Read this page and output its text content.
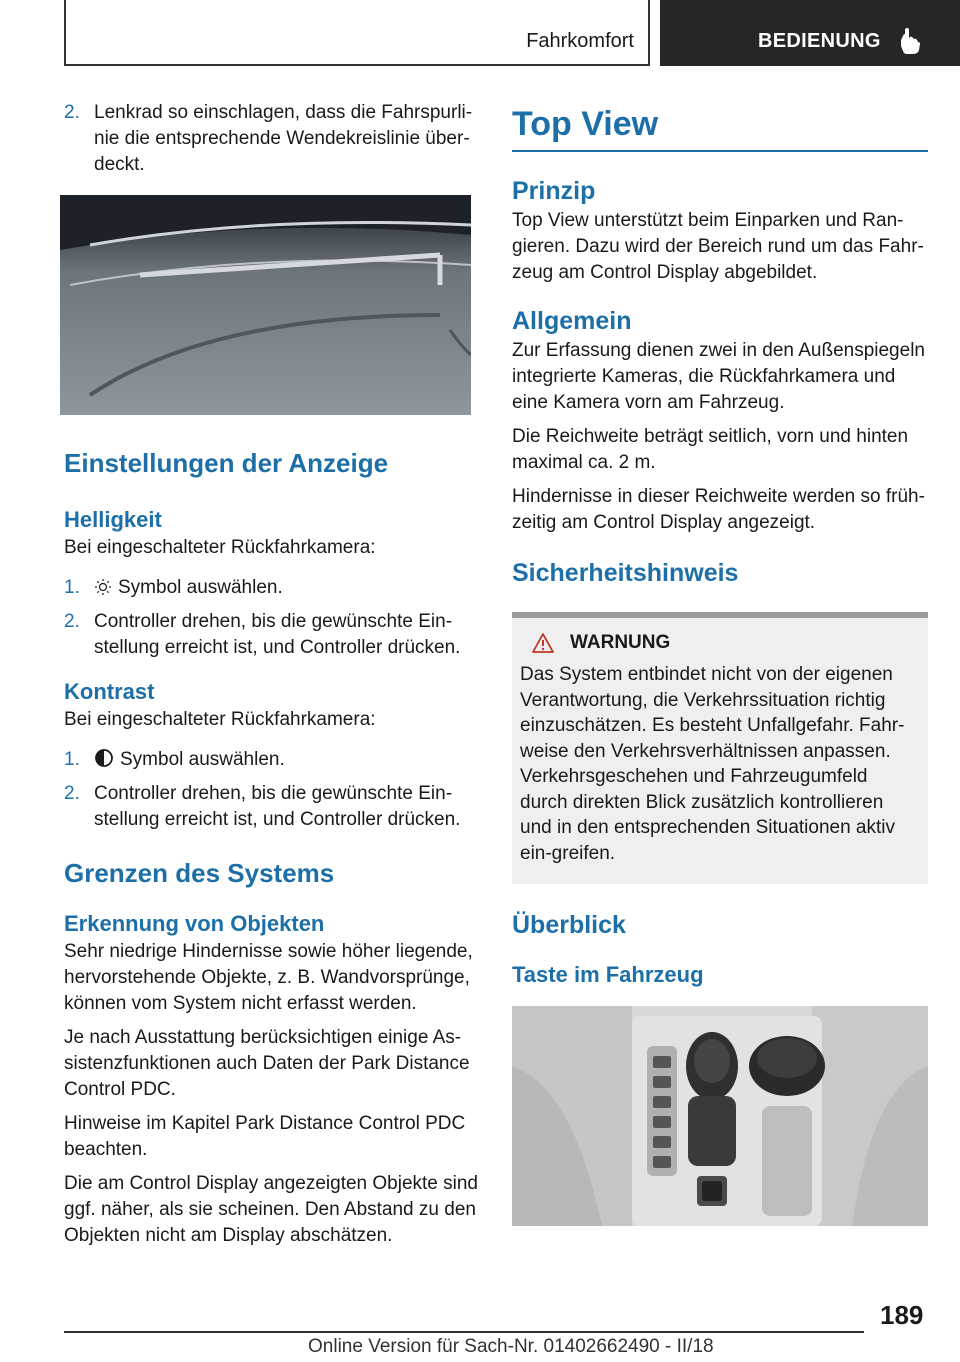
Fahrkomfort	BEDIENUNG
2. Lenkrad so einschlagen, dass die Fahrspurli-nie die entsprechende Wendekreislinie über-deckt.
Einstellungen der Anzeige
Helligkeit

Bei eingeschalteter Rückfahrkamera:

1. Symbol auswählen.
2. Controller drehen, bis die gewünschte Ein-stellung erreicht ist, und Controller drücken.
Kontrast

Bei eingeschalteter Rückfahrkamera:

1. Symbol auswählen.
2. Controller drehen, bis die gewünschte Ein-stellung erreicht ist, und Controller drücken.
Grenzen des Systems
Erkennung von Objekten

Sehr niedrige Hindernisse sowie höher liegende, hervorstehende Objekte, z. B. Wandvorsprünge, können vom System nicht erfasst werden.

Je nach Ausstattung berücksichtigen einige As-sistenzfunktionen auch Daten der Park Distance Control PDC.

Hinweise im Kapitel Park Distance Control PDC beachten.

Die am Control Display angezeigten Objekte sind ggf. näher, als sie scheinen. Den Abstand zu den Objekten nicht am Display abschätzen.

Top View
Prinzip

Top View unterstützt beim Einparken und Ran-gieren. Dazu wird der Bereich rund um das Fahr-zeug am Control Display abgebildet.

Allgemein

Zur Erfassung dienen zwei in den Außenspiegeln integrierte Kameras, die Rückfahrkamera und eine Kamera vorn am Fahrzeug.

Die Reichweite beträgt seitlich, vorn und hinten maximal ca. 2 m.

Hindernisse in dieser Reichweite werden so früh-zeitig am Control Display angezeigt.

Sicherheitshinweis
WARNUNG
Das System entbindet nicht von der eigenen Verantwortung, die Verkehrssituation richtig einzuschätzen. Es besteht Unfallgefahr. Fahr-weise den Verkehrsverhältnissen anpassen. Verkehrsgeschehen und Fahrzeugumfeld durch direkten Blick zusätzlich kontrollieren und in den entsprechenden Situationen aktiv ein-greifen.
Überblick
Taste im Fahrzeug
189
Online Version für Sach-Nr. 01402662490 - II/18
